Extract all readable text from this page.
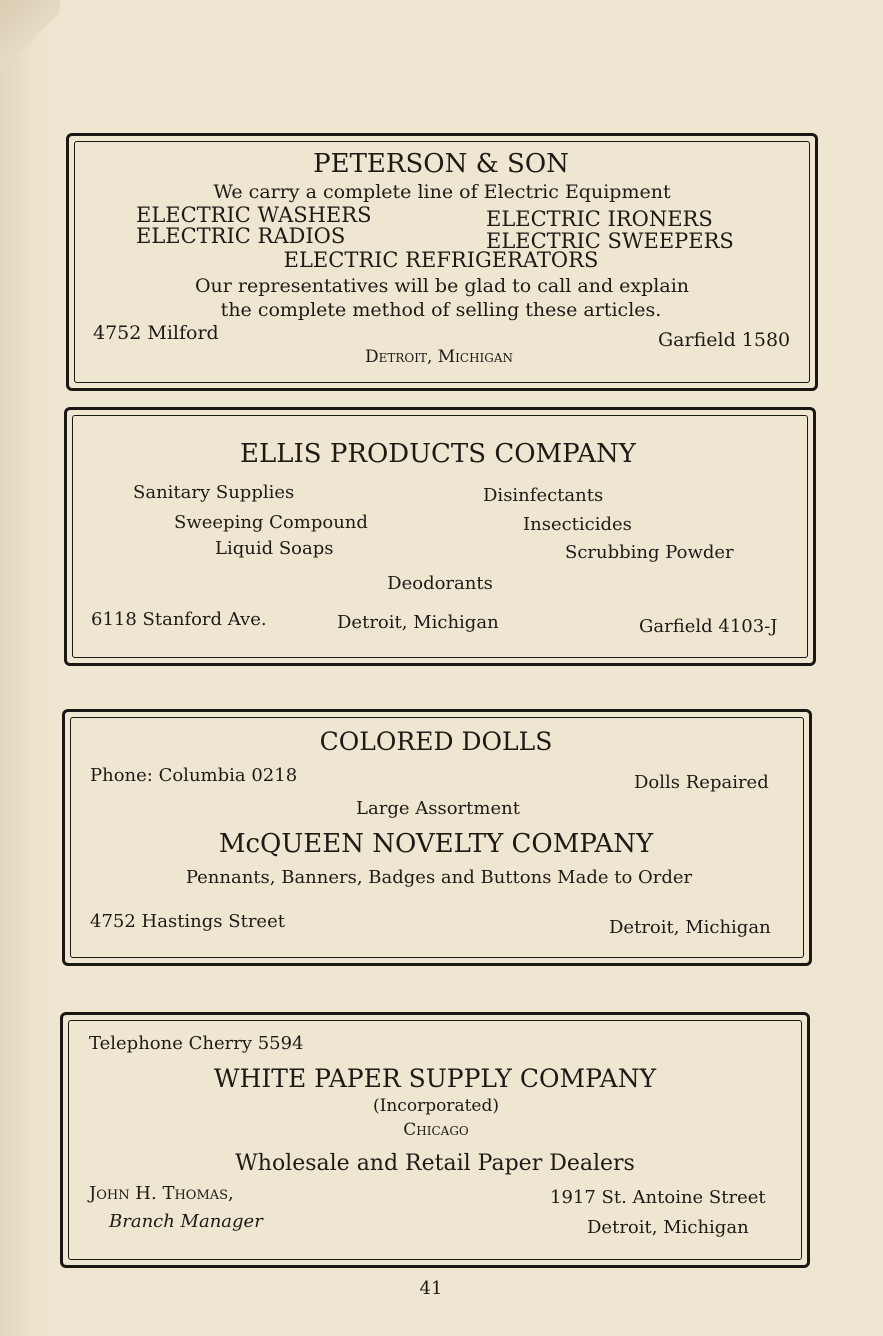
PETERSON & SON
We carry a complete line of Electric Equipment
ELECTRIC WASHERS	ELECTRIC IRONERS
ELECTRIC RADIOS	ELECTRIC SWEEPERS
ELECTRIC REFRIGERATORS
Our representatives will be glad to call and explain
the complete method of selling these articles.
4752 Milford	Garfield 1580
Detroit, Michigan
ELLIS PRODUCTS COMPANY
Sanitary Supplies	Disinfectants
Sweeping Compound	Insecticides
Liquid Soaps	Scrubbing Powder
Deodorants
6118 Stanford Ave.	Detroit, Michigan	Garfield 4103-J
COLORED DOLLS
Phone: Columbia 0218	Dolls Repaired
Large Assortment
McQUEEN NOVELTY COMPANY
Pennants, Banners, Badges and Buttons Made to Order
4752 Hastings Street	Detroit, Michigan
Telephone Cherry 5594
WHITE PAPER SUPPLY COMPANY
(Incorporated)
Chicago
Wholesale and Retail Paper Dealers
John H. Thomas,
Branch Manager
1917 St. Antoine Street
Detroit, Michigan
41
